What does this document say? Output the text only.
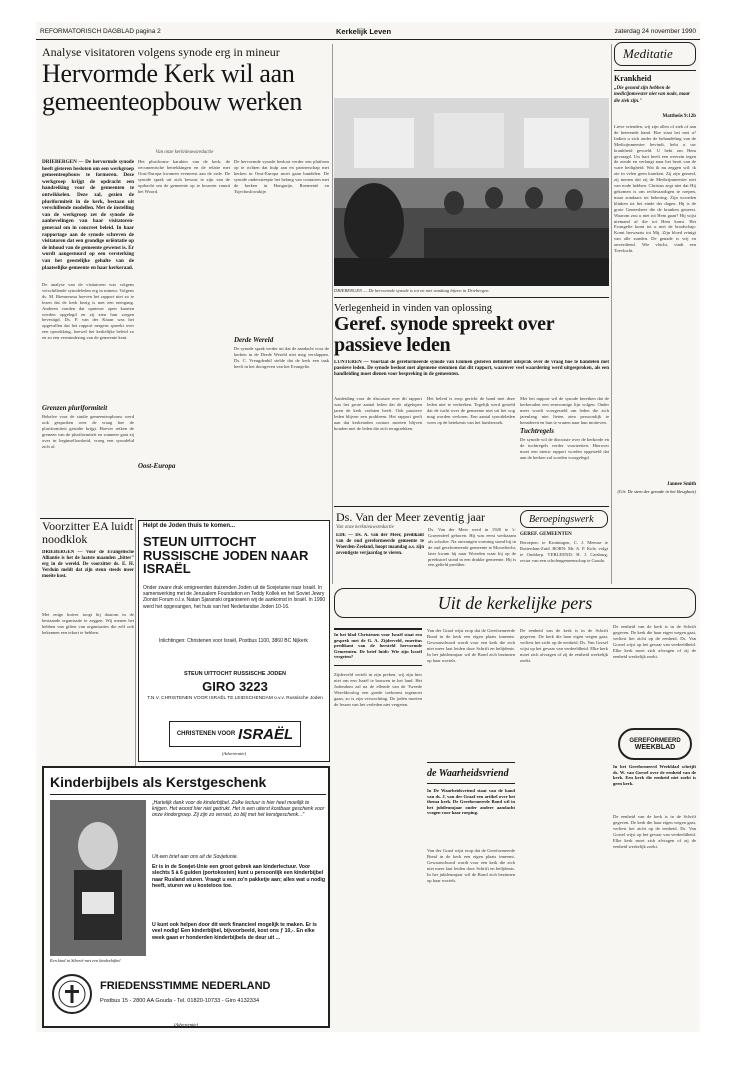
REFORMATORISCH DAGBLAD pagina 2	Kerkelijk Leven	zaterdag 24 november 1990
Analyse visitatoren volgens synode erg in mineur
Hervormde Kerk wil aan gemeenteopbouw werken
Van onze kerknieuwsredactie
DRIEBERGEN — De hervormde synode heeft gisteren besloten om een werkgroep gemeenteopbouw te formeren. Deze werkgroep krijgt de opdracht een handreiking voor de gemeenten te ontwikkelen. Deze zal, gezien de pluriformiteit in de kerk, bestaan uit verschillende modellen. Met de instelling van de werkgroep zet de synode de aanbevelingen van haar visitatoren-generaal om in concreet beleid. In haar rapportage aan de synode schreven de visitatoren dat een grondige oriëntatie op de inhoud van de gemeente gewenst is. Er wordt aangestuurd op een versterking van het geestelijke gehalte van de plaatselijke gemeente en haar kerkeraad.
De analyse van de visitatoren was volgens verschillende synodeleden erg in mineur. Volgens ds. M. Riemersma hoeven het rapport niet zo te lezen dat de kerk bezig is met een neergang. Anderen vonden dat opnieuw open kaarten werden opgelegd en zij zien hun zorgen bevestigd. Ds. P. van der Kraan was het opgevallen dat het rapport nergens spreekt over een opwekking, hoewel het kerkelijke beleid zo en zo een vermindering van de gemeente kent.
Grenzen pluriformiteit
Behalve voor de studie gemeenteopbouw werd ook gesproken over de vraag hoe de pluriformiteit gestalte krijgt. Hoever reiken de grenzen van de pluriformiteit en wanneer gaat zij over in beginselloosheid, vroeg een synodelid zich af.
Het pluriforme karakter van de kerk, de oecumenische betrekkingen en de relatie met Oost-Europa kwamen eveneens aan de orde. De synode sprak uit zich bewust te zijn van de opdracht om de gemeente op te bouwen vanuit het Woord.
De hervormde synode besloot verder een platform op te richten dat hulp aan en partnerschap met kerken in Oost-Europa moet gaan bundelen. De synode onderstreepte het belang van contacten met de kerken in Hongarije, Roemenië en Tsjechoslowakije.
Derde Wereld
De synode sprak verder uit dat de aandacht voor de kerken in de Derde Wereld niet mag verslappen. Ds. C. Vreugdenhil stelde dat de kerk een taak heeft in het doorgeven van het Evangelie.
Oost-Europa
DRIEBERGEN — De hervormde synode is tot en met vandaag bijeen in Driebergen.
Meditatie
Krankheid
„Die gezond zijn hebben de medicijnmeester niet van node, maar die ziek zijn."
Mattheüs 9:12b
Lieve vrienden, wij zijn allen of ziek of aan de beterende hand. Hoe staat het met u? Indien u zich onder de behandeling van de Medicijnmeester bevindt, hebt u uw krankheid gevoeld. U hebt om Hem gevraagd. Uw hart heeft een weerzin tegen de zonde en verlangt naar het bezit van de ware heiligheid. Wat ik nu zeggen wil: ik zie in velen geen kranken. Zij zijn gezond, zij menen dat zij de Medicijnmeester niet van node hebben. Christus zegt niet dat Hij gekomen is om rechtvaardigen te roepen, maar zondaars tot bekering. Zijn woorden klinken tot het einde der dagen. Hij is de grote Geneesheer die de kranken geneest. Waarom zou u niet tot Hem gaan? Hij wijst niemand af die tot Hem komt. Het Evangelie komt tot u met de boodschap: Komt herwaarts tot Mij. Zijn bloed reinigt van alle zonden. De genade is vrij en onverdiend. Wie vlucht, vindt een Toevlucht.
Jannee Smith
(Uit: De stem der genade in het kleughuis)
Verlegenheid in vinden van oplossing
Geref. synode spreekt over passieve leden
LUNTEREN — Voortaal de gereformeerde synode van Emmen gisteren definitief uitsprak over de vraag hoe te handelen met passieve leden. De synode besloot met algemene stemmen dat dit rapport, waarover veel waardering werd uitgesproken, als een handleiding moet dienen voor bespreking in de gemeenten.
Aanleiding voor de discussie over dit rapport was het grote aantal leden dat de afgelopen jaren de kerk verlaten heeft. Ook passieve leden blijven een probleem. Het rapport geeft aan dat kerkeraden contact moeten blijven houden met de leden die zich terugtrekken.
Het beleid is erop gericht de band met deze leden niet te verbreken. Tegelijk werd gesteld dat de tucht over de gemeente niet uit het oog mag worden verloren. Een aantal synodeleden wees op de betekenis van het huisbezoek.
Met het rapport wil de synode bereiken dat de kerkeraden een eenvormige lijn volgen. Onder meer wordt voorgesteld om leden die zich jarenlang niet lieten zien persoonlijk te benaderen en hun te vragen naar hun motieven.
Tuchtregels
De synode wil de discussie over de kerkorde en de tuchtregels verder voortzetten. Hierover moet een nieuw rapport worden opgesteld dat aan de kerken zal worden voorgelegd.
Ds. Van der Meer zeventig jaar
Van onze kerknieuwsredactie
EDE — Ds. A. van der Meer, predikant van de oud gereformeerde gemeente te Woerden-Zeeland, hoopt maandag a.s. zijn zeventigste verjaardag te vieren.
Ds. Van der Meer werd in 1920 te 's-Gravendeel geboren. Hij was eerst werkzaam als scholier. Na ontvangen vorming stond hij in de oud gereformeerde gemeente te Moordrecht, later kwam hij naar Woerden waar hij op de preekstoel stond in een drukke gemeente. Hij is een geliefd prediker.
Beroepingswerk
GEREF. GEMEENTEN
Beroepen: te Kruiningen, C. J. Meeuse te Rotterdam-Zuid. BORN: Mr. A. P. Kole, volgt te Ouddorp. VERLEEND: H. J. Catsburg, rector van een scholengemeenschap te Gouda.
Voorzitter EA luidt noodklok
DRIEBERGEN — Voor de Evangelische Alliantie is het de laatste maanden „bitter" erg in de wereld. De voorzitter ds. E. H. Verduin meldt dat zijn steun steeds meer moeite kost.
Met enige huiver toogt hij daarom in de bestaande organisatie te zeggen. Wij menen het hebben van giften van organisaties die zelf ook bekennen een tekort te hebben.
Helpt de Joden thuis te komen...
STEUN UITTOCHT RUSSISCHE JODEN NAAR ISRAËL
Onder zware druk emigreerden duizenden Joden uit de Sovjetunie naar Israël. In samenwerking met de Jerusalem Foundation en Teddy Kollek en het Soviet Jewry Zionist Forum o.l.v. Natan Sjaranski organiseren wij de aankomst in Israël. In 1990 werd het opgevangen, het huis van het Nederlandse Joden 10-16.
Inlichtingen: Christenen voor Israël, Postbus 1100, 3860 BC Nijkerk
STEUN UITTOCHT RUSSISCHE JODEN
GIRO 3223
T.N.V. CHRISTENEN VOOR ISRAËL TE LEIDSCHENDAM o.v.v. Russische Joden
CHRISTENEN VOOR ISRAËL
(Advertentie)
Uit de kerkelijke pers
In het blad Christenen voor Israël staat een gesprek met de G. A. Zijderveld, emeritus predikant van de hersteld hervormde Gemeenten. De brief luidt: Wie zijn Israël vergeten?
Zijderveld vertelt in zijn preken, wij zijn hier niet om een Israël te bouwen in het land. Het Jodendom zal na de ellende van de Tweede Wereldoorlog een goede toekomst tegemoet gaan, zo is zijn verwachting. De joden moeten de lessen van het verleden niet vergeten.
Van der Graaf wijst erop dat de Gereformeerde Bond in de kerk een eigen plaats inneemt. Gewaarschuwd wordt voor een kerk die zich niet meer laat leiden door Schrift en belijdenis. In het jubileumjaar wil de Bond zich bezinnen op haar wortels.
de Waarheidsvriend
In De Waarheidsvriend staat van de hand van ds. J. van der Graaf een artikel over het thema kerk. De Gereformeerde Bond wil in het jubileumjaar onder andere aandacht vragen voor haar roeping.
Van der Graaf wijst erop dat de Gereformeerde Bond in de kerk een eigen plaats inneemt. Gewaarschuwd wordt voor een kerk die zich niet meer laat leiden door Schrift en belijdenis. In het jubileumjaar wil de Bond zich bezinnen op haar wortels.
De eenheid van de kerk is in de Schrift gegeven. De kerk die haar eigen wegen gaat, verliest het zicht op de eenheid. Ds. Van Gorsel wijst op het gevaar van verdeeldheid. Elke kerk moet zich afvragen of zij de eenheid werkelijk zoekt.
De eenheid van de kerk is in de Schrift gegeven. De kerk die haar eigen wegen gaat, verliest het zicht op de eenheid. Ds. Van Gorsel wijst op het gevaar van verdeeldheid. Elke kerk moet zich afvragen of zij de eenheid werkelijk zoekt.
GEREFORMEERD
WEEKBLAD
In het Gereformeerd Weekblad schrijft ds. W. van Gorsel over de eenheid van de kerk. Een kerk die eenheid niet zoekt is geen kerk.
De eenheid van de kerk is in de Schrift gegeven. De kerk die haar eigen wegen gaat, verliest het zicht op de eenheid. Ds. Van Gorsel wijst op het gevaar van verdeeldheid. Elke kerk moet zich afvragen of zij de eenheid werkelijk zoekt.
Kinderbijbels als Kerstgeschenk
Een kind in Siberië met een kinderbijbel
„Hartelijk dank voor de kinderbijbel. Zulke lectuur is hier heel moeilijk te krijgen. Het woord hier niet gedrukt. Het is een uiterst kostbaar geschenk voor onze kindergroep. Zij zijn zo verrast, zo blij met het kerstgeschenk..."
Uit een brief aan ons uit de Sovjetunie.
Er is in de Sowjet-Unie een groot gebrek aan kinderlectuur. Voor slechts 5 à 6 gulden (portokosten) kunt u persoonlijk een kinderbijbel naar Rusland sturen. Vraagt u een zo'n pakketje aan; alles wat u nodig heeft, sturen we u kosteloos toe.
U kunt ook helpen door dit werk financieel mogelijk te maken. Er is veel nodig! Een kinderbijbel, bijvoorbeeld, kost ons ƒ 10,-. En elke week gaan er honderden kinderbijbels de deur uit ...
FRIEDENSSTIMME NEDERLAND
Postbus 15 - 2800 AA Gouda - Tel. 01820-10733 - Giro 4132334
(Advertentie)
